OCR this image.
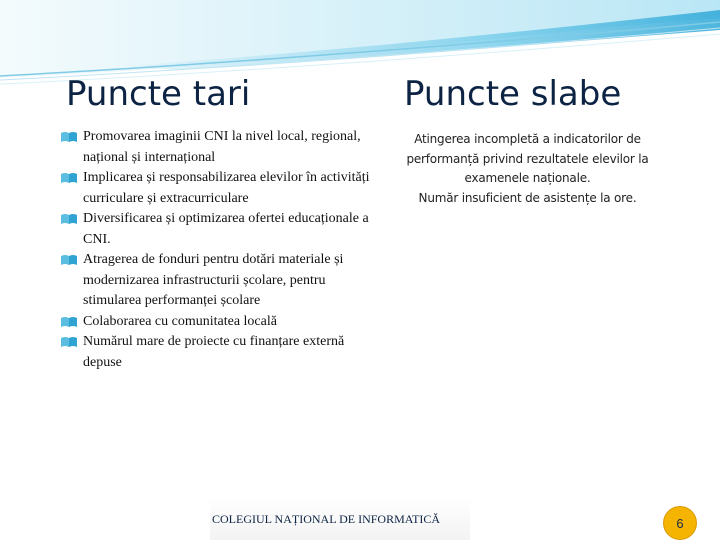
Puncte tari	Puncte slabe
Promovarea imaginii CNI la nivel local, regional, național și internațional
Implicarea și responsabilizarea elevilor în activități curriculare și extracurriculare
Diversificarea și optimizarea ofertei educaționale a CNI.
Atragerea de fonduri pentru dotări materiale și modernizarea infrastructurii școlare, pentru stimularea performanței școlare
Colaborarea cu comunitatea locală
Numărul mare de proiecte cu finanțare externă depuse

Atingerea incompletă a indicatorilor de performanță privind rezultatele elevilor la examenele naționale.

Număr insuficient de asistențe la ore.

COLEGIUL NAȚIONAL DE INFORMATICĂ	6
